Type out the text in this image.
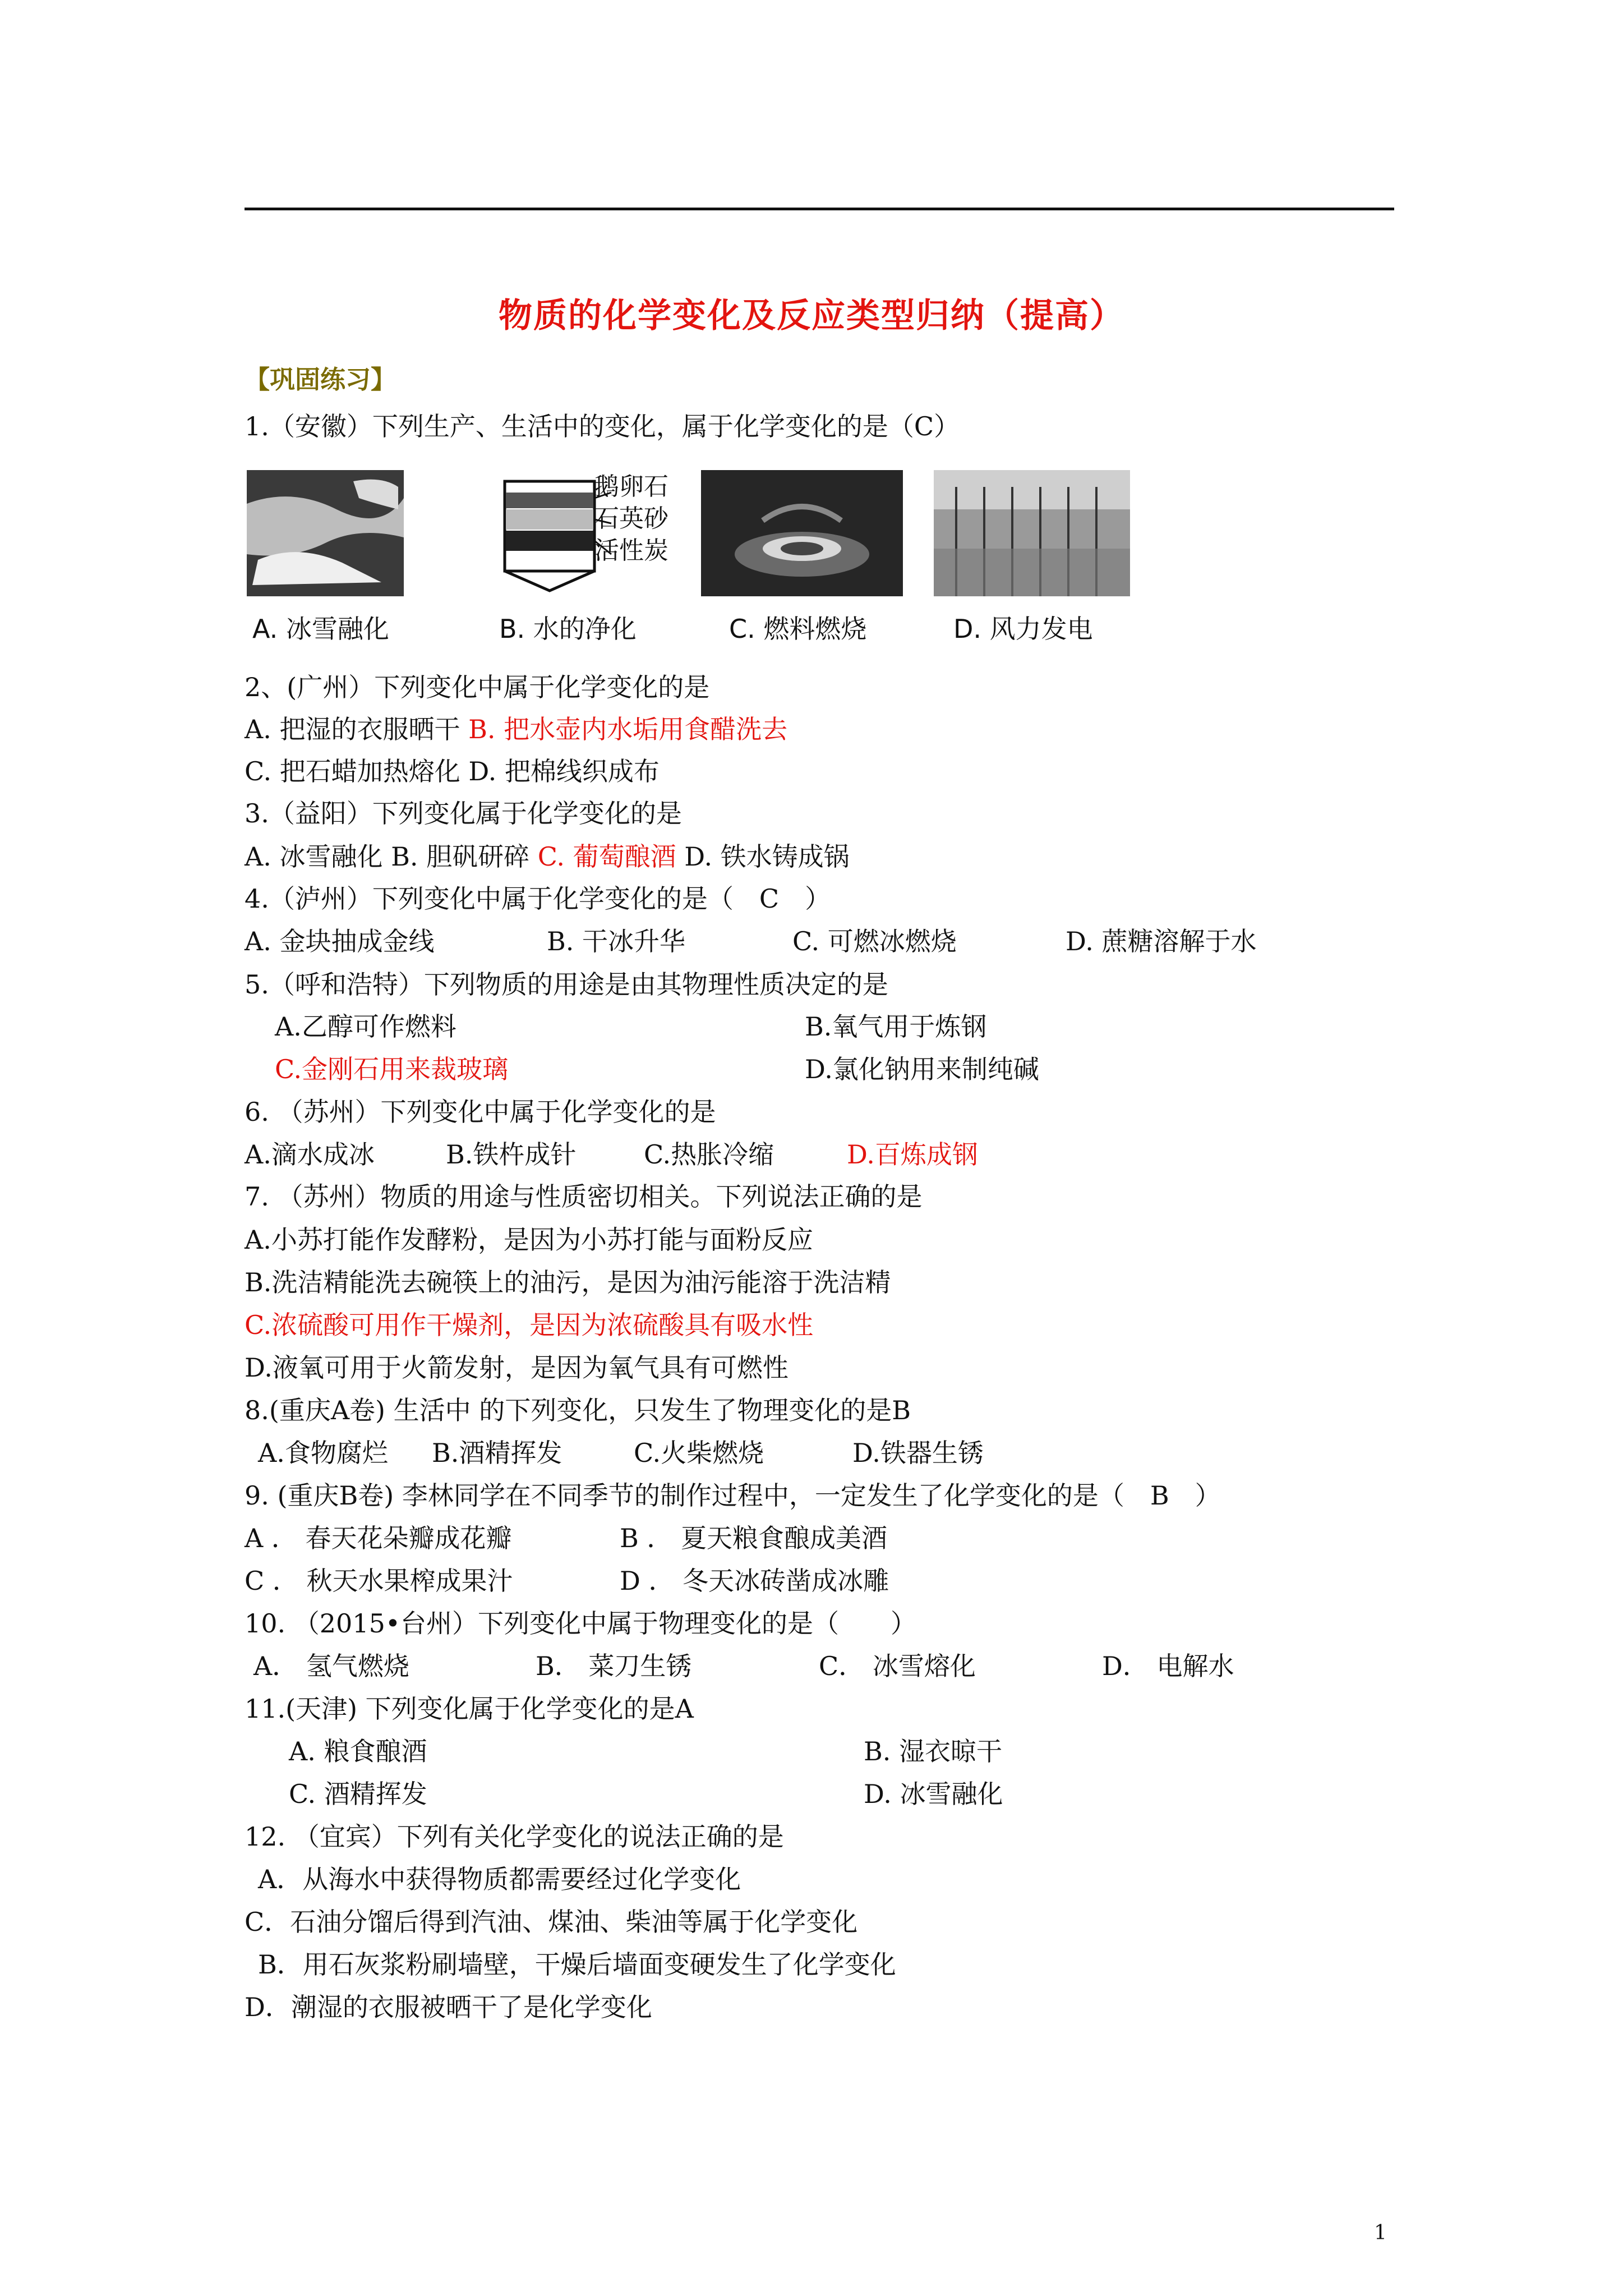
物质的化学变化及反应类型归纳（提高）
【巩固练习】
1.（安徽）下列生产、生活中的变化，属于化学变化的是（C）
鹅卵石
石英砂
活性炭
A. 冰雪融化	B. 水的净化	C. 燃料燃烧	D. 风力发电
2、(广州）下列变化中属于化学变化的是
A. 把湿的衣服晒干 B. 把水壶内水垢用食醋洗去
C. 把石蜡加热熔化 D. 把棉线织成布
3.（益阳）下列变化属于化学变化的是
A. 冰雪融化 B. 胆矾研碎 C. 葡萄酿酒 D. 铁水铸成锅
4.（泸州）下列变化中属于化学变化的是（　C　）
A. 金块抽成金线	B. 干冰升华	C. 可燃冰燃烧	D. 蔗糖溶解于水
5.（呼和浩特）下列物质的用途是由其物理性质决定的是
A.乙醇可作燃料	B.氧气用于炼钢
C.金刚石用来裁玻璃	D.氯化钠用来制纯碱
6. （苏州）下列变化中属于化学变化的是
A.滴水成冰	B.铁杵成针	C.热胀冷缩	D.百炼成钢
7. （苏州）物质的用途与性质密切相关。下列说法正确的是
A.小苏打能作发酵粉，是因为小苏打能与面粉反应
B.洗洁精能洗去碗筷上的油污，是因为油污能溶于洗洁精
C.浓硫酸可用作干燥剂，是因为浓硫酸具有吸水性
D.液氧可用于火箭发射，是因为氧气具有可燃性
8.(重庆A卷) 生活中 的下列变化，只发生了物理变化的是B
A.食物腐烂 B.酒精挥发	C.火柴燃烧	D.铁器生锈
9. (重庆B卷) 李林同学在不同季节的制作过程中，一定发生了化学变化的是（　B　）
A ． 春天花朵瓣成花瓣	B ． 夏天粮食酿成美酒
C ． 秋天水果榨成果汁	D ． 冬天冰砖凿成冰雕
10. （2015•台州）下列变化中属于物理变化的是（　　）
A． 氢气燃烧	B． 菜刀生锈	C． 冰雪熔化	D． 电解水
11.(天津) 下列变化属于化学变化的是A
A. 粮食酿酒	B. 湿衣晾干
C. 酒精挥发	D. 冰雪融化
12. （宜宾）下列有关化学变化的说法正确的是
A．从海水中获得物质都需要经过化学变化
C．石油分馏后得到汽油、煤油、柴油等属于化学变化
B．用石灰浆粉刷墙壁，干燥后墙面变硬发生了化学变化
D．潮湿的衣服被晒干了是化学变化
1
